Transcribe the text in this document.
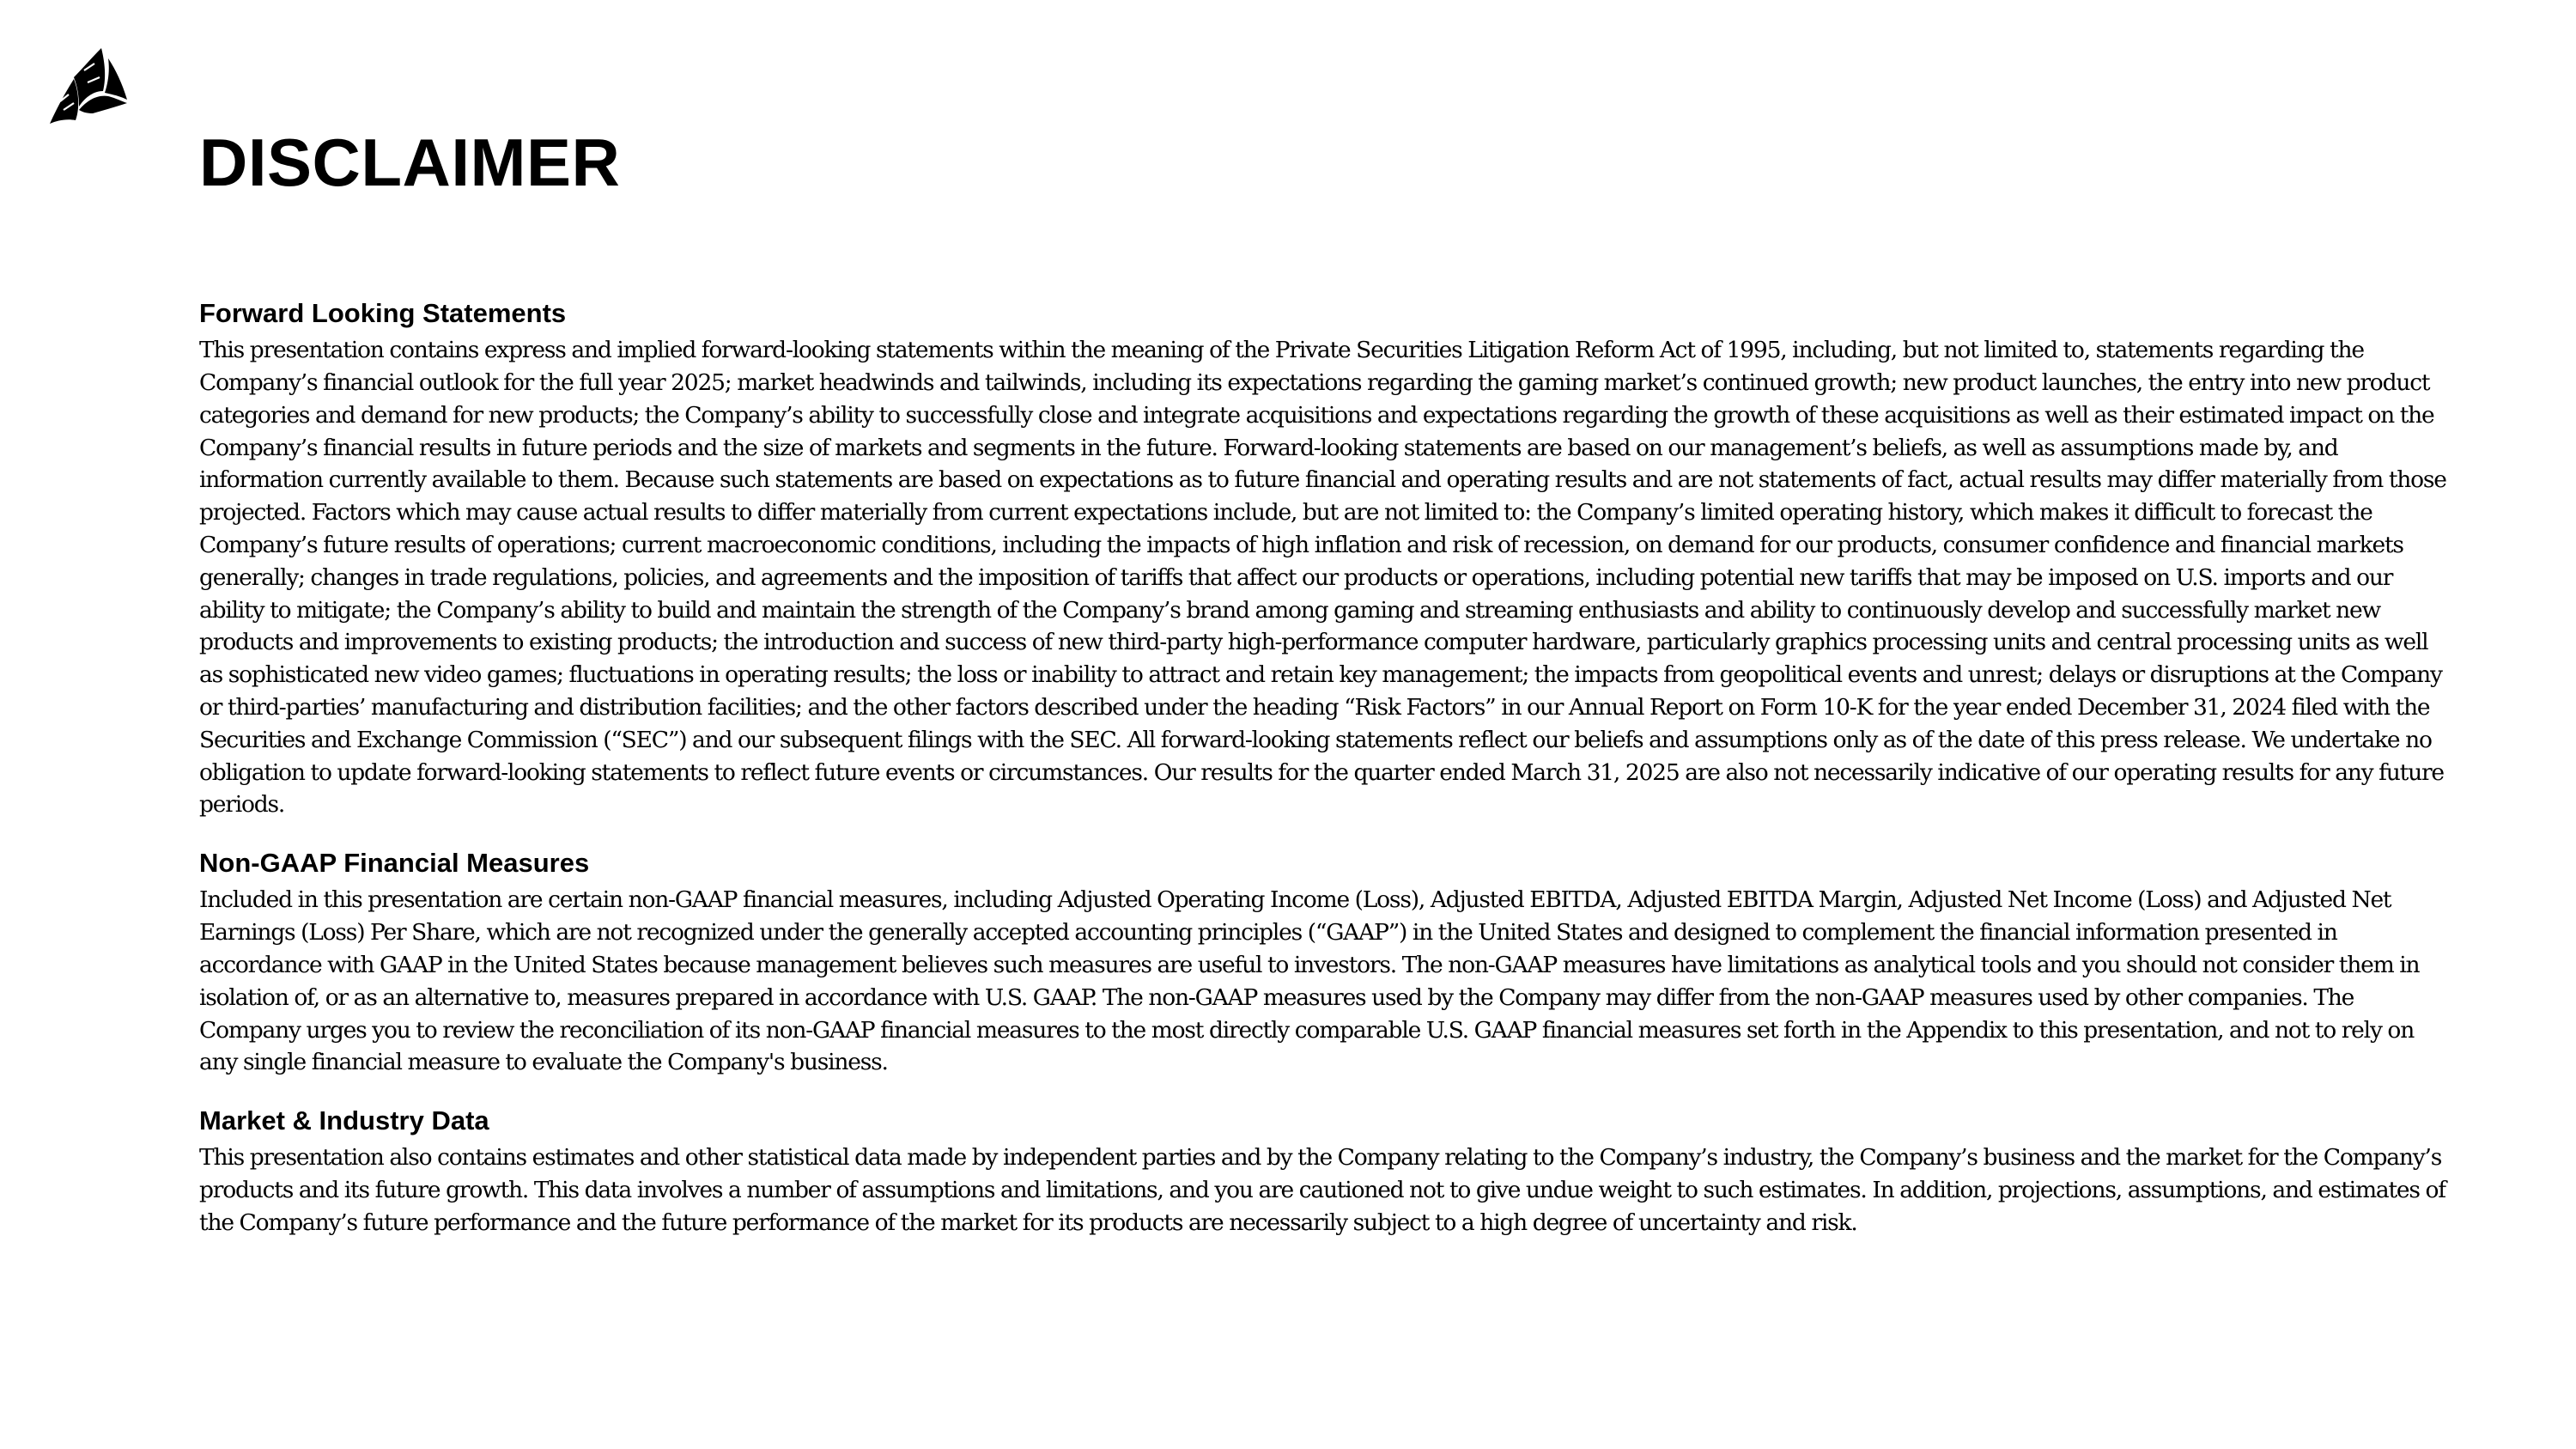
DISCLAIMER
Forward Looking Statements

This presentation contains express and implied forward-looking statements within the meaning of the Private Securities Litigation Reform Act of 1995, including, but not limited to, statements regarding the Company’s financial outlook for the full year 2025; market headwinds and tailwinds, including its expectations regarding the gaming market’s continued growth; new product launches, the entry into new product categories and demand for new products; the Company’s ability to successfully close and integrate acquisitions and expectations regarding the growth of these acquisitions as well as their estimated impact on the Company’s financial results in future periods and the size of markets and segments in the future. Forward-looking statements are based on our management’s beliefs, as well as assumptions made by, and information currently available to them. Because such statements are based on expectations as to future financial and operating results and are not statements of fact, actual results may differ materially from those projected. Factors which may cause actual results to differ materially from current expectations include, but are not limited to: the Company’s limited operating history, which makes it difficult to forecast the Company’s future results of operations; current macroeconomic conditions, including the impacts of high inflation and risk of recession, on demand for our products, consumer confidence and financial markets generally; changes in trade regulations, policies, and agreements and the imposition of tariffs that affect our products or operations, including potential new tariffs that may be imposed on U.S. imports and our ability to mitigate; the Company’s ability to build and maintain the strength of the Company’s brand among gaming and streaming enthusiasts and ability to continuously develop and successfully market new products and improvements to existing products; the introduction and success of new third-party high-performance computer hardware, particularly graphics processing units and central processing units as well as sophisticated new video games; fluctuations in operating results; the loss or inability to attract and retain key management; the impacts from geopolitical events and unrest; delays or disruptions at the Company or third-parties’ manufacturing and distribution facilities; and the other factors described under the heading “Risk Factors” in our Annual Report on Form 10-K for the year ended December 31, 2024 filed with the Securities and Exchange Commission (“SEC”) and our subsequent filings with the SEC. All forward-looking statements reflect our beliefs and assumptions only as of the date of this press release. We undertake no obligation to update forward-looking statements to reflect future events or circumstances. Our results for the quarter ended March 31, 2025 are also not necessarily indicative of our operating results for any future periods.

Non-GAAP Financial Measures

Included in this presentation are certain non-GAAP financial measures, including Adjusted Operating Income (Loss), Adjusted EBITDA, Adjusted EBITDA Margin, Adjusted Net Income (Loss) and Adjusted Net Earnings (Loss) Per Share, which are not recognized under the generally accepted accounting principles (“GAAP”) in the United States and designed to complement the financial information presented in accordance with GAAP in the United States because management believes such measures are useful to investors. The non-GAAP measures have limitations as analytical tools and you should not consider them in isolation of, or as an alternative to, measures prepared in accordance with U.S. GAAP. The non-GAAP measures used by the Company may differ from the non-GAAP measures used by other companies. The Company urges you to review the reconciliation of its non-GAAP financial measures to the most directly comparable U.S. GAAP financial measures set forth in the Appendix to this presentation, and not to rely on any single financial measure to evaluate the Company's business.

Market & Industry Data

This presentation also contains estimates and other statistical data made by independent parties and by the Company relating to the Company’s industry, the Company’s business and the market for the Company’s products and its future growth. This data involves a number of assumptions and limitations, and you are cautioned not to give undue weight to such estimates. In addition, projections, assumptions, and estimates of the Company’s future performance and the future performance of the market for its products are necessarily subject to a high degree of uncertainty and risk.
